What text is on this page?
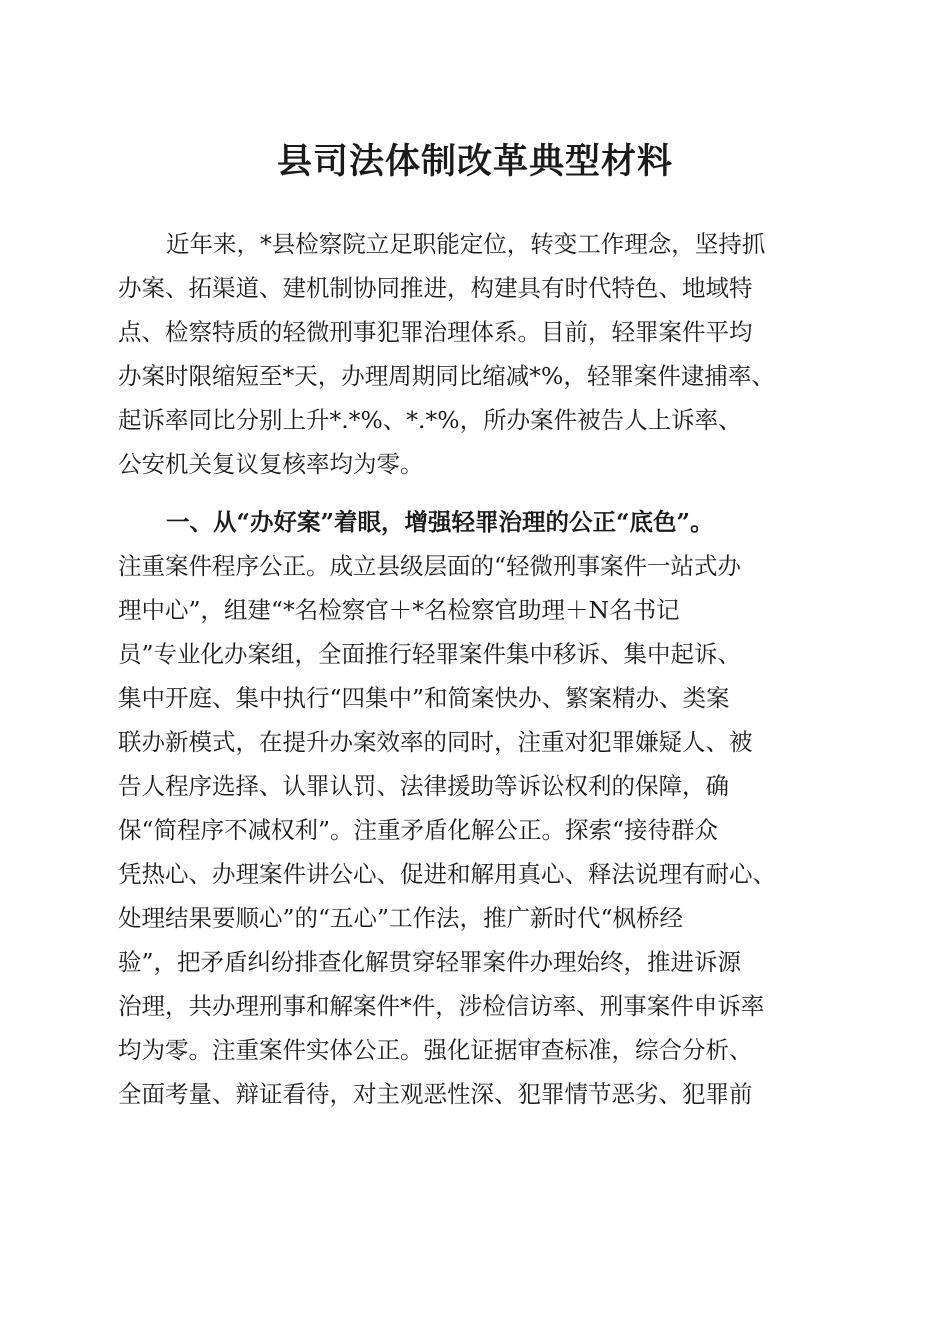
县司法体制改革典型材料

近年来，*县检察院立足职能定位，转变工作理念，坚持抓

办案、拓渠道、建机制协同推进，构建具有时代特色、地域特

点、检察特质的轻微刑事犯罪治理体系。目前，轻罪案件平均

办案时限缩短至*天，办理周期同比缩减*%，轻罪案件逮捕率、

起诉率同比分别上升*.*%、*.*%，所办案件被告人上诉率、

公安机关复议复核率均为零。

一、从“办好案”着眼，增强轻罪治理的公正“底色”。

注重案件程序公正。成立县级层面的“轻微刑事案件一站式办

理中心”，组建“*名检察官＋*名检察官助理＋N名书记

员”专业化办案组，全面推行轻罪案件集中移诉、集中起诉、

集中开庭、集中执行“四集中”和简案快办、繁案精办、类案

联办新模式，在提升办案效率的同时，注重对犯罪嫌疑人、被

告人程序选择、认罪认罚、法律援助等诉讼权利的保障，确

保“简程序不减权利”。注重矛盾化解公正。探索“接待群众

凭热心、办理案件讲公心、促进和解用真心、释法说理有耐心、

处理结果要顺心”的“五心”工作法，推广新时代“枫桥经

验”，把矛盾纠纷排查化解贯穿轻罪案件办理始终，推进诉源

治理，共办理刑事和解案件*件，涉检信访率、刑事案件申诉率

均为零。注重案件实体公正。强化证据审查标准，综合分析、

全面考量、辩证看待，对主观恶性深、犯罪情节恶劣、犯罪前
